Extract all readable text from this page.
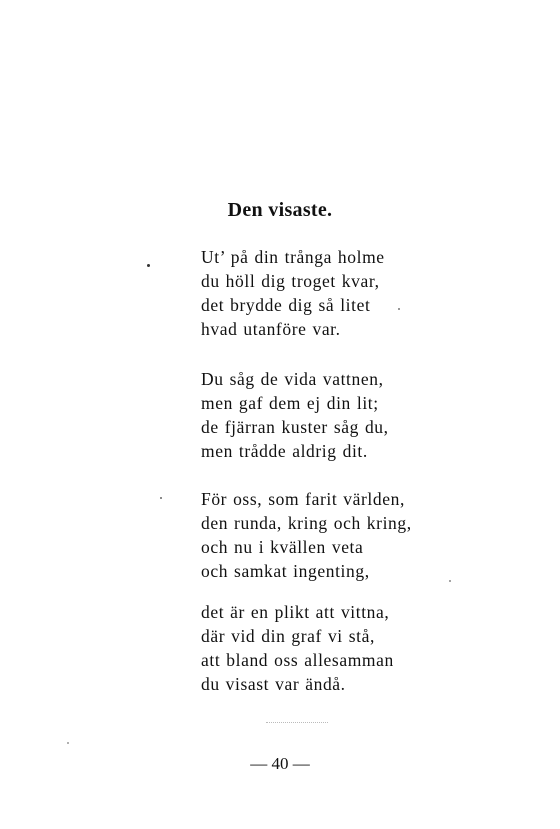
Den visaste.
Ut’ på din trånga holme
du höll dig troget kvar,
det brydde dig så litet
hvad utanföre var.
Du såg de vida vattnen,
men gaf dem ej din lit;
de fjärran kuster såg du,
men trådde aldrig dit.
För oss, som farit världen,
den runda, kring och kring,
och nu i kvällen veta
och samkat ingenting,
det är en plikt att vittna,
där vid din graf vi stå,
att bland oss allesamman
du visast var ändå.
— 40 —
